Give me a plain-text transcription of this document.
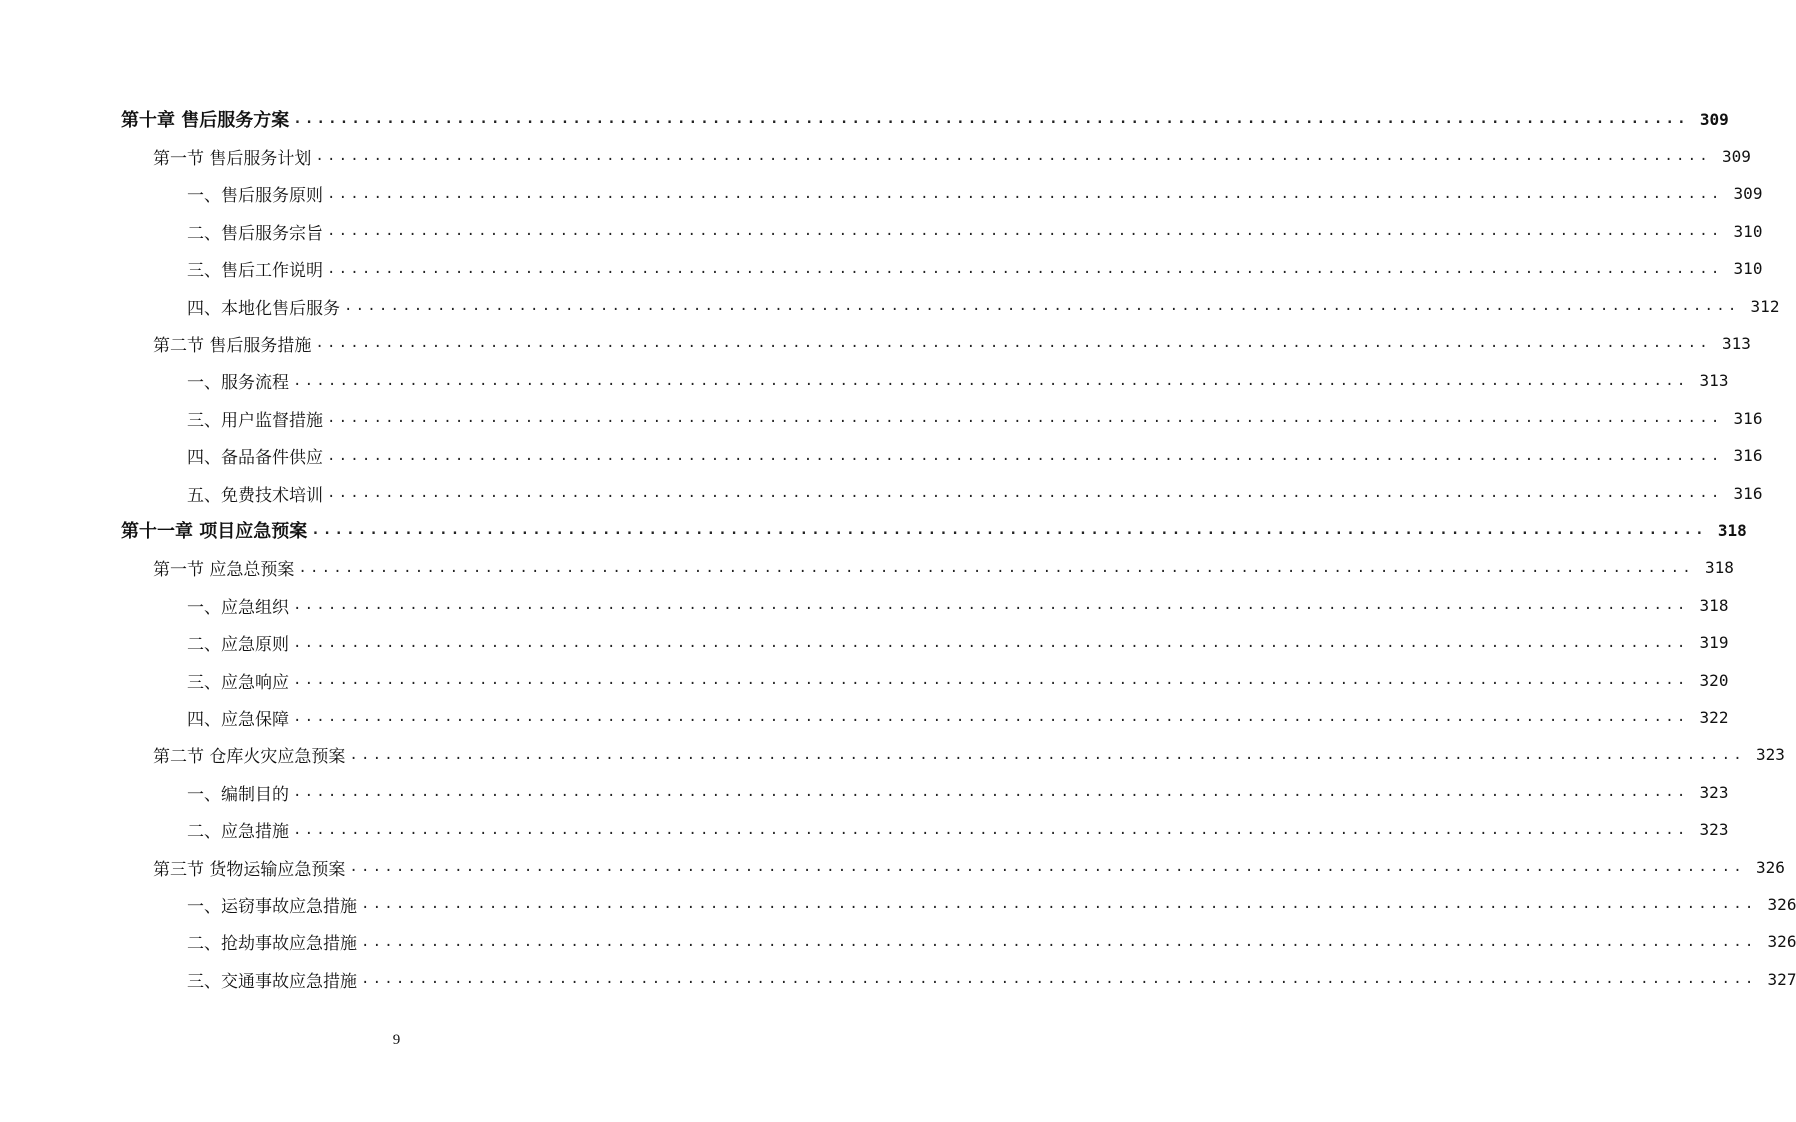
第十章 售后服务方案 ........................................................................................................................ 309
第一节 售后服务计划 ........................................................................................................................ 309
一、售后服务原则 ........................................................................................................................ 309
二、售后服务宗旨 ........................................................................................................................ 310
三、售后工作说明 ........................................................................................................................ 310
四、本地化售后服务 ........................................................................................................................ 312
第二节 售后服务措施 ........................................................................................................................ 313
一、服务流程 ........................................................................................................................ 313
三、用户监督措施 ........................................................................................................................ 316
四、备品备件供应 ........................................................................................................................ 316
五、免费技术培训 ........................................................................................................................ 316
第十一章 项目应急预案 ........................................................................................................................ 318
第一节 应急总预案 ........................................................................................................................ 318
一、应急组织 ........................................................................................................................ 318
二、应急原则 ........................................................................................................................ 319
三、应急响应 ........................................................................................................................ 320
四、应急保障 ........................................................................................................................ 322
第二节 仓库火灾应急预案 ........................................................................................................................ 323
一、编制目的 ........................................................................................................................ 323
二、应急措施 ........................................................................................................................ 323
第三节 货物运输应急预案 ........................................................................................................................ 326
一、运窃事故应急措施 ........................................................................................................................ 326
二、抢劫事故应急措施 ........................................................................................................................ 326
三、交通事故应急措施 ........................................................................................................................ 327
9
